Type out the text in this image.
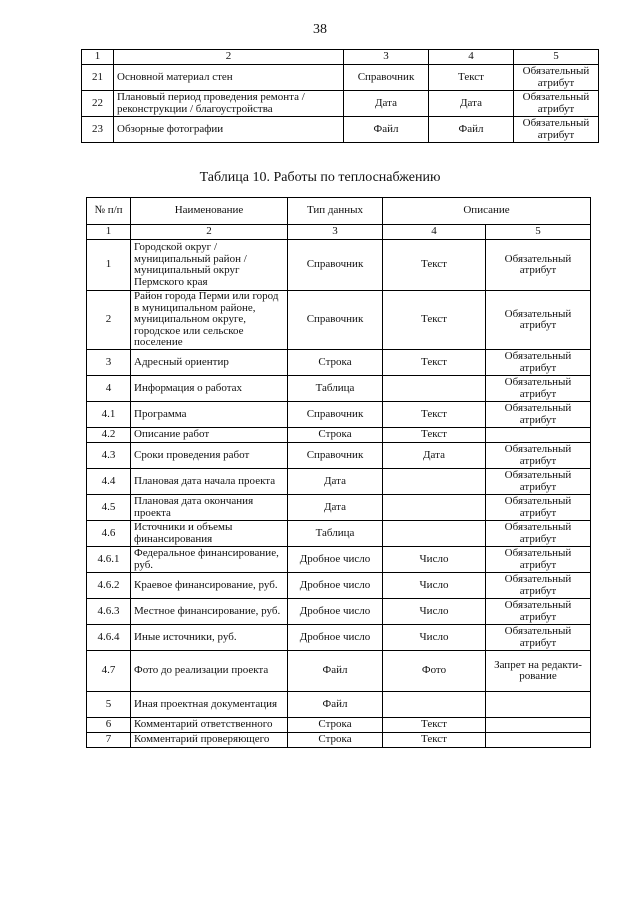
38
1	2	3	4	5
21	Основной материал стен	Справочник	Текст	Обязательный атрибут
22	Плановый период проведения ремонта / реконструкции / благоустройства	Дата	Дата	Обязательный атрибут
23	Обзорные фотографии	Файл	Файл	Обязательный атрибут
Таблица 10. Работы по теплоснабжению
№ п/п	Наименование	Тип данных	Описание	
1	2	3	4	5
1	Городской округ / муниципальный район / муниципальный округ Пермского края	Справочник	Текст	Обязательный атрибут
2	Район города Перми или город в муниципальном районе, муниципальном округе, городское или сельское поселение	Справочник	Текст	Обязательный атрибут
3	Адресный ориентир	Строка	Текст	Обязательный атрибут
4	Информация о работах	Таблица		Обязательный атрибут
4.1	Программа	Справочник	Текст	Обязательный атрибут
4.2	Описание работ	Строка	Текст	
4.3	Сроки проведения работ	Справочник	Дата	Обязательный атрибут
4.4	Плановая дата начала проекта	Дата		Обязательный атрибут
4.5	Плановая дата окончания проекта	Дата		Обязательный атрибут
4.6	Источники и объемы финансирования	Таблица		Обязательный атрибут
4.6.1	Федеральное финансирование, руб.	Дробное число	Число	Обязательный атрибут
4.6.2	Краевое финансирование, руб.	Дробное число	Число	Обязательный атрибут
4.6.3	Местное финансирование, руб.	Дробное число	Число	Обязательный атрибут
4.6.4	Иные источники, руб.	Дробное число	Число	Обязательный атрибут
4.7	Фото до реализации проекта	Файл	Фото	Запрет на редакти-рование
5	Иная проектная документация	Файл		
6	Комментарий ответственного	Строка	Текст	
7	Комментарий проверяющего	Строка	Текст	
